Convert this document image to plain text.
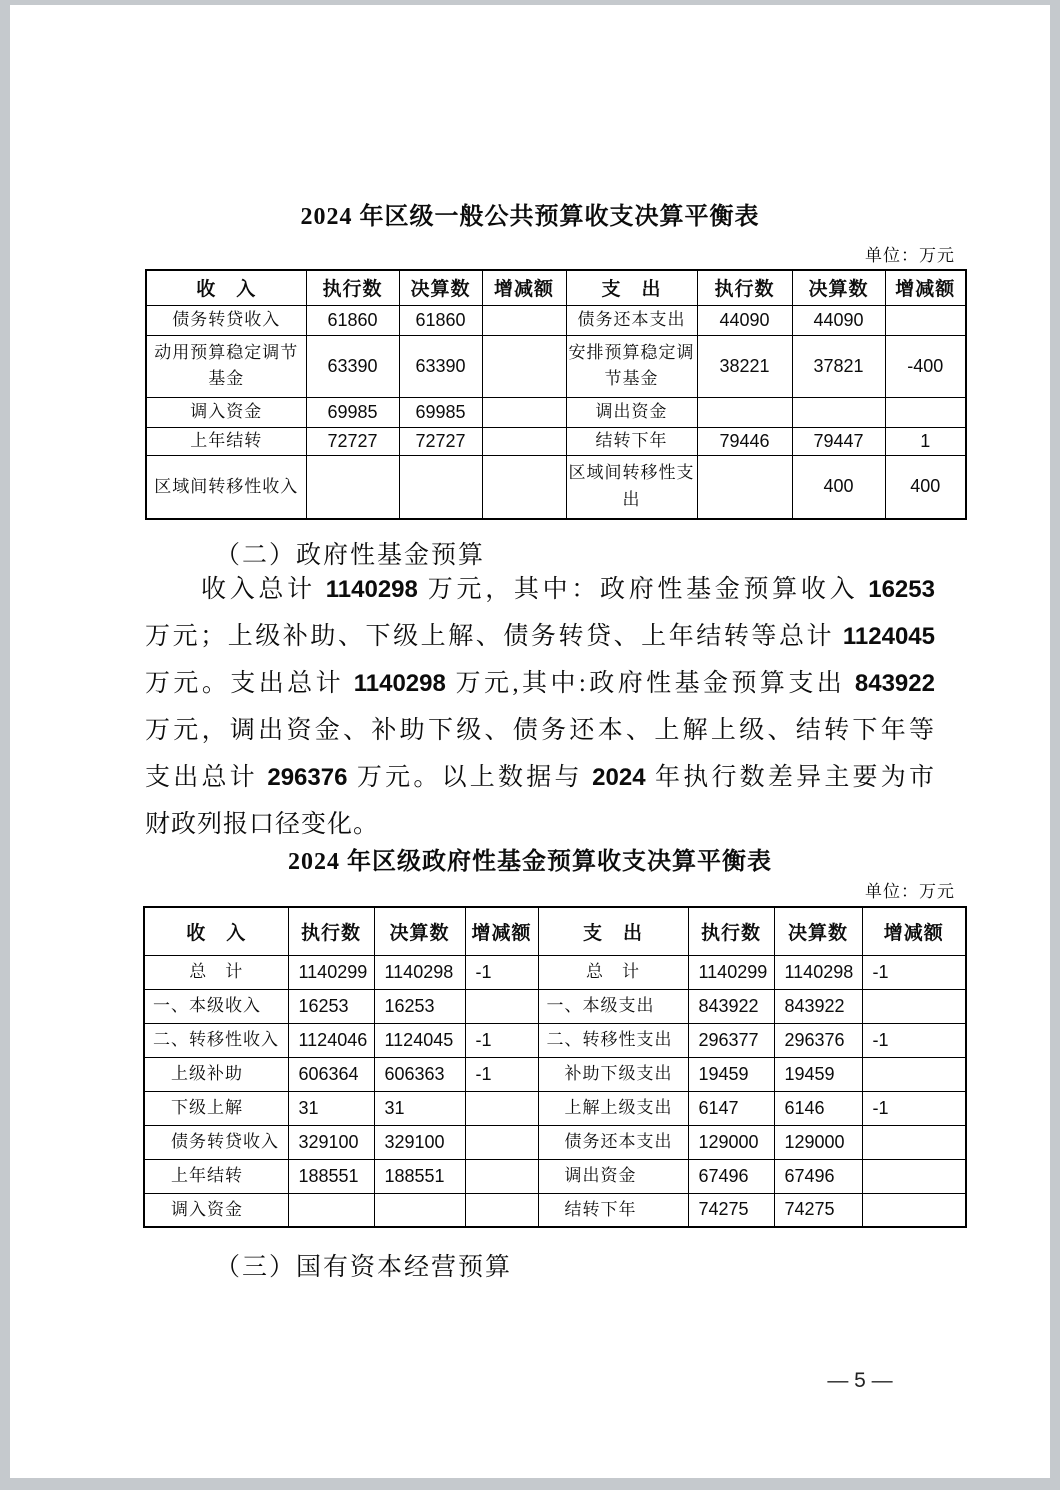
2024 年区级一般公共预算收支决算平衡表
单位：万元
收　入	执行数	决算数	增减额	支　出	执行数	决算数	增减额
债务转贷收入	61860	61860		债务还本支出	44090	44090	
动用预算稳定调节基金	63390	63390		安排预算稳定调节基金	38221	37821	-400
调入资金	69985	69985		调出资金			
上年结转	72727	72727		结转下年	79446	79447	1
区域间转移性收入				区域间转移性支出		400	400
（二）政府性基金预算
收入总计 1140298 万元，其中：政府性基金预算收入 16253
万元；上级补助、下级上解、债务转贷、上年结转等总计 1124045
万元。支出总计 1140298 万元,其中:政府性基金预算支出 843922
万元，调出资金、补助下级、债务还本、上解上级、结转下年等
支出总计 296376 万元。以上数据与 2024 年执行数差异主要为市
财政列报口径变化。
2024 年区级政府性基金预算收支决算平衡表
单位：万元
收　入	执行数	决算数	增减额	支　出	执行数	决算数	增减额
总　计	1140299	1140298	-1	总　计	1140299	1140298	-1
一、本级收入	16253	16253		一、本级支出	843922	843922	
二、转移性收入	1124046	1124045	-1	二、转移性支出	296377	296376	-1
上级补助	606364	606363	-1	补助下级支出	19459	19459	
下级上解	31	31		上解上级支出	6147	6146	-1
债务转贷收入	329100	329100		债务还本支出	129000	129000	
上年结转	188551	188551		调出资金	67496	67496	
调入资金				结转下年	74275	74275	
（三）国有资本经营预算
— 5 —
